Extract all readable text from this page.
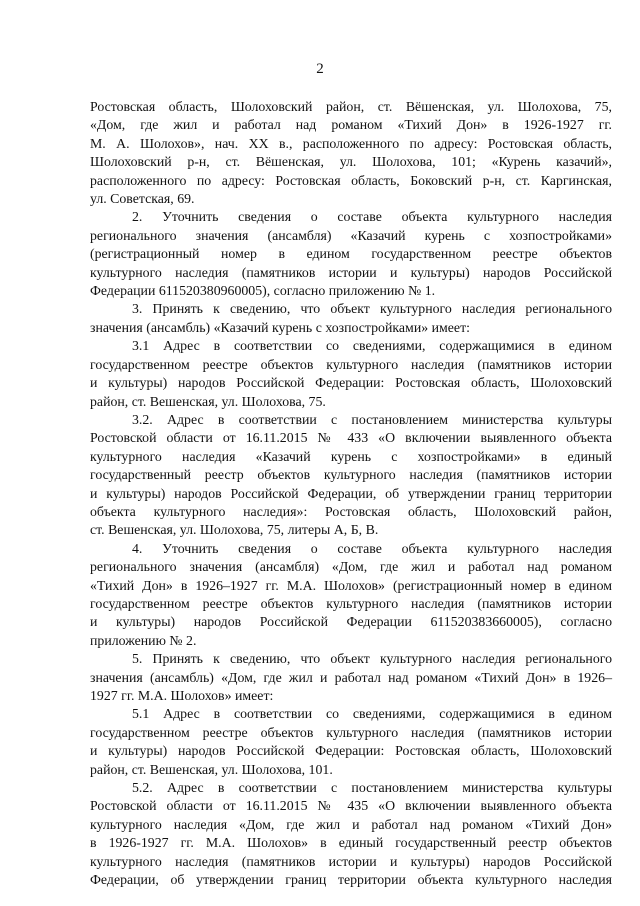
2

Ростовская область, Шолоховский район, ст. Вёшенская, ул. Шолохова, 75,
«Дом, где жил и работал над романом «Тихий Дон» в 1926-1927 гг.
М. А. Шолохов», нач. XX в., расположенного по адресу: Ростовская область,
Шолоховский р-н, ст. Вёшенская, ул. Шолохова, 101; «Курень казачий»,
расположенного по адресу: Ростовская область, Боковский р-н, ст. Каргинская,
ул. Советская, 69.

2. Уточнить сведения о составе объекта культурного наследия
регионального значения (ансамбля) «Казачий курень с хозпостройками»
(регистрационный номер в едином государственном реестре объектов
культурного наследия (памятников истории и культуры) народов Российской
Федерации 611520380960005), согласно приложению № 1.

3. Принять к сведению, что объект культурного наследия регионального
значения (ансамбль) «Казачий курень с хозпостройками» имеет:

3.1 Адрес в соответствии со сведениями, содержащимися в едином
государственном реестре объектов культурного наследия (памятников истории
и культуры) народов Российской Федерации: Ростовская область, Шолоховский
район, ст. Вешенская, ул. Шолохова, 75.

3.2. Адрес в соответствии с постановлением министерства культуры
Ростовской области от 16.11.2015 № 433 «О включении выявленного объекта
культурного наследия «Казачий курень с хозпостройками» в единый
государственный реестр объектов культурного наследия (памятников истории
и культуры) народов Российской Федерации, об утверждении границ территории
объекта культурного наследия»: Ростовская область, Шолоховский район,
ст. Вешенская, ул. Шолохова, 75, литеры А, Б, В.

4. Уточнить сведения о составе объекта культурного наследия
регионального значения (ансамбля) «Дом, где жил и работал над романом
«Тихий Дон» в 1926–1927 гг. М.А. Шолохов» (регистрационный номер в едином
государственном реестре объектов культурного наследия (памятников истории
и культуры) народов Российской Федерации 611520383660005), согласно
приложению № 2.

5. Принять к сведению, что объект культурного наследия регионального
значения (ансамбль) «Дом, где жил и работал над романом «Тихий Дон» в 1926–
1927 гг. М.А. Шолохов» имеет:

5.1 Адрес в соответствии со сведениями, содержащимися в едином
государственном реестре объектов культурного наследия (памятников истории
и культуры) народов Российской Федерации: Ростовская область, Шолоховский
район, ст. Вешенская, ул. Шолохова, 101.

5.2. Адрес в соответствии с постановлением министерства культуры
Ростовской области от 16.11.2015 № 435 «О включении выявленного объекта
культурного наследия «Дом, где жил и работал над романом «Тихий Дон»
в 1926-1927 гг. М.А. Шолохов» в единый государственный реестр объектов
культурного наследия (памятников истории и культуры) народов Российской
Федерации, об утверждении границ территории объекта культурного наследия
